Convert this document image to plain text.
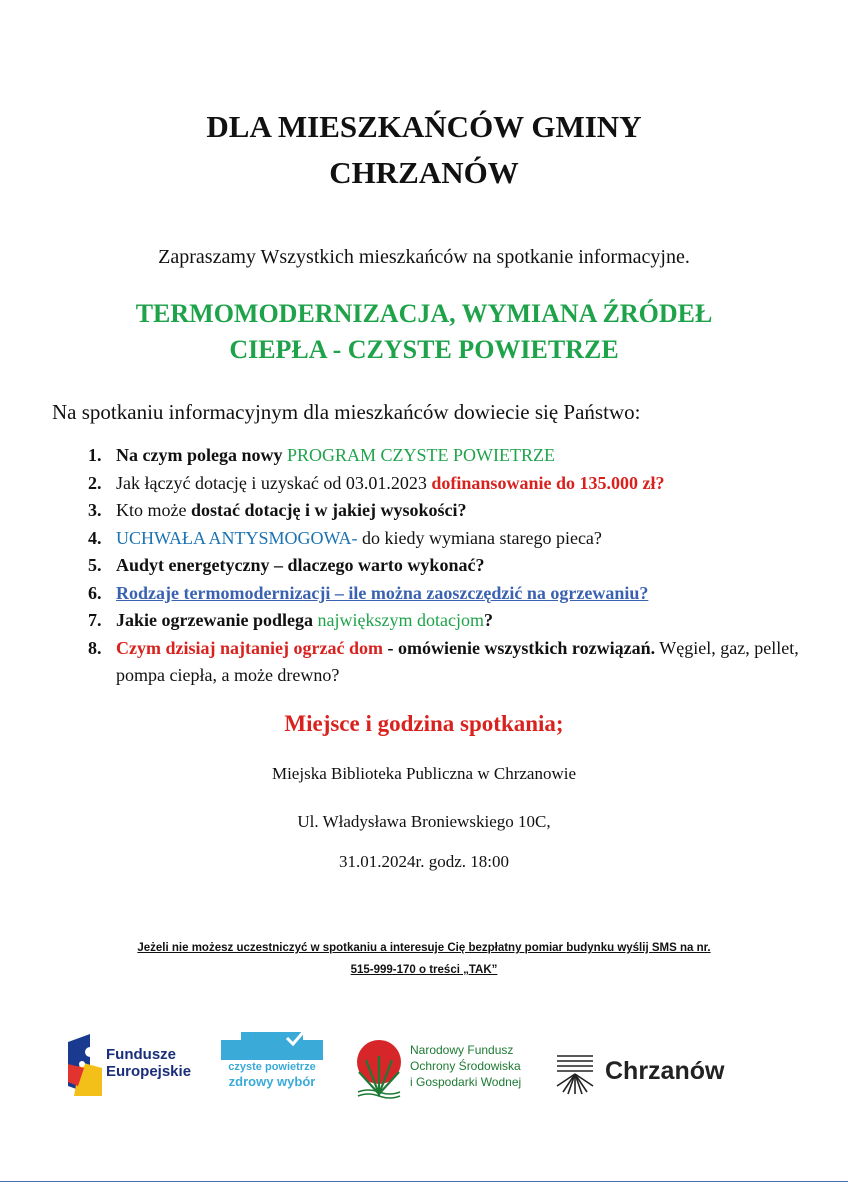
DLA MIESZKAŃCÓW GMINY
CHRZANÓW
Zapraszamy Wszystkich mieszkańców na spotkanie informacyjne.
TERMOMODERNIZACJA, WYMIANA ŹRÓDEŁ
CIEPŁA - CZYSTE POWIETRZE
Na spotkaniu informacyjnym dla mieszkańców dowiecie się Państwo:
1. Na czym polega nowy PROGRAM CZYSTE POWIETRZE
2. Jak łączyć dotację i uzyskać od 03.01.2023 dofinansowanie do 135.000 zł?
3. Kto może dostać dotację i w jakiej wysokości?
4. UCHWAŁA ANTYSMOGOWA- do kiedy wymiana starego pieca?
5. Audyt energetyczny – dlaczego warto wykonać?
6. Rodzaje termomodernizacji – ile można zaoszczędzić na ogrzewaniu?
7. Jakie ogrzewanie podlega największym dotacjom?
8. Czym dzisiaj najtaniej ogrzać dom - omówienie wszystkich rozwiązań. Węgiel, gaz, pellet, pompa ciepła, a może drewno?
Miejsce i godzina spotkania;
Miejska Biblioteka Publiczna w Chrzanowie
Ul. Władysława Broniewskiego 10C,
31.01.2024r. godz. 18:00
Jeżeli nie możesz uczestniczyć w spotkaniu a interesuje Cię bezpłatny pomiar budynku wyślij SMS na nr.
515-999-170 o treści „TAK”
Fundusze
Europejskie	czyste powietrze
zdrowy wybór
Narodowy Fundusz
Ochrony Środowiska
i Gospodarki Wodnej	Chrzanów
